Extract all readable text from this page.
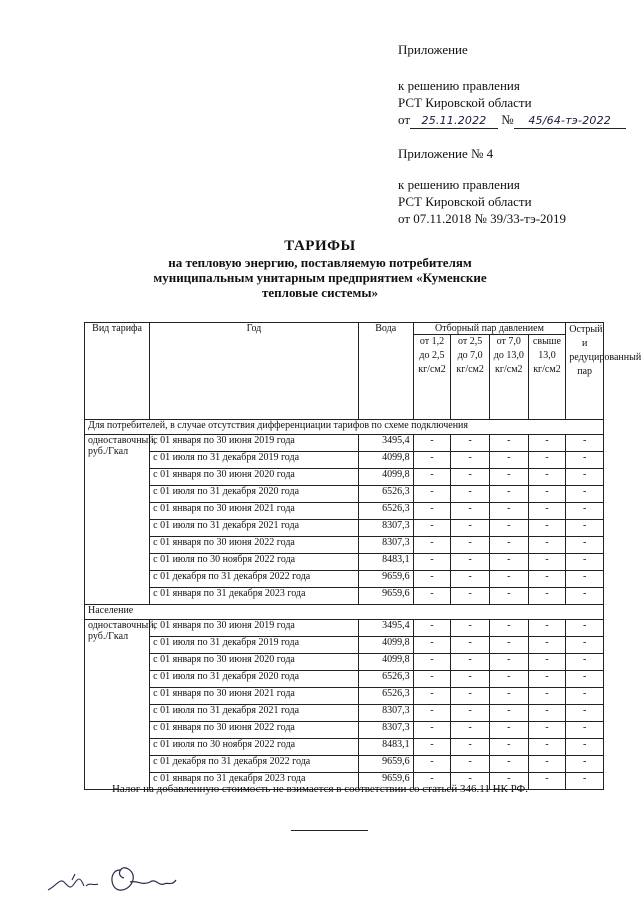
Приложение
к решению правления
РСТ Кировской области
от 25.11.2022 № 45/64-тэ-2022
Приложение № 4
к решению правления
РСТ Кировской области
от 07.11.2018 № 39/33-тэ-2019
ТАРИФЫ
на тепловую энергию, поставляемую потребителям
муниципальным унитарным предприятием «Куменские
тепловые системы»
Вид тарифа	Год	Вода	Отборный пар давлением				Острый и редуцированный пар
			от 1,2 до 2,5 кг/см2	от 2,5 до 7,0 кг/см2	от 7,0 до 13,0 кг/см2	свыше 13,0 кг/см2	
Для потребителей, в случае отсутствия дифференциации тарифов по схеме подключения							
одноставочный, руб./Гкал	с 01 января по 30 июня 2019 года	3495,4	-	-	-	-	-
	с 01 июля по 31 декабря 2019 года	4099,8	-	-	-	-	-
	с 01 января по 30 июня 2020 года	4099,8	-	-	-	-	-
	с 01 июля по 31 декабря 2020 года	6526,3	-	-	-	-	-
	с 01 января по 30 июня 2021 года	6526,3	-	-	-	-	-
	с 01 июля по 31 декабря 2021 года	8307,3	-	-	-	-	-
	с 01 января по 30 июня 2022 года	8307,3	-	-	-	-	-
	с 01 июля по 30 ноября 2022 года	8483,1	-	-	-	-	-
	с 01 декабря по 31 декабря 2022 года	9659,6	-	-	-	-	-
	с 01 января по 31 декабря 2023 года	9659,6	-	-	-	-	-
Население							
одноставочный, руб./Гкал	с 01 января по 30 июня 2019 года	3495,4	-	-	-	-	-
	с 01 июля по 31 декабря 2019 года	4099,8	-	-	-	-	-
	с 01 января по 30 июня 2020 года	4099,8	-	-	-	-	-
	с 01 июля по 31 декабря 2020 года	6526,3	-	-	-	-	-
	с 01 января по 30 июня 2021 года	6526,3	-	-	-	-	-
	с 01 июля по 31 декабря 2021 года	8307,3	-	-	-	-	-
	с 01 января по 30 июня 2022 года	8307,3	-	-	-	-	-
	с 01 июля по 30 ноября 2022 года	8483,1	-	-	-	-	-
	с 01 декабря по 31 декабря 2022 года	9659,6	-	-	-	-	-
	с 01 января по 31 декабря 2023 года	9659,6	-	-	-	-	-
Налог на добавленную стоимость не взимается в соответствии со статьей 346.11 НК РФ.
